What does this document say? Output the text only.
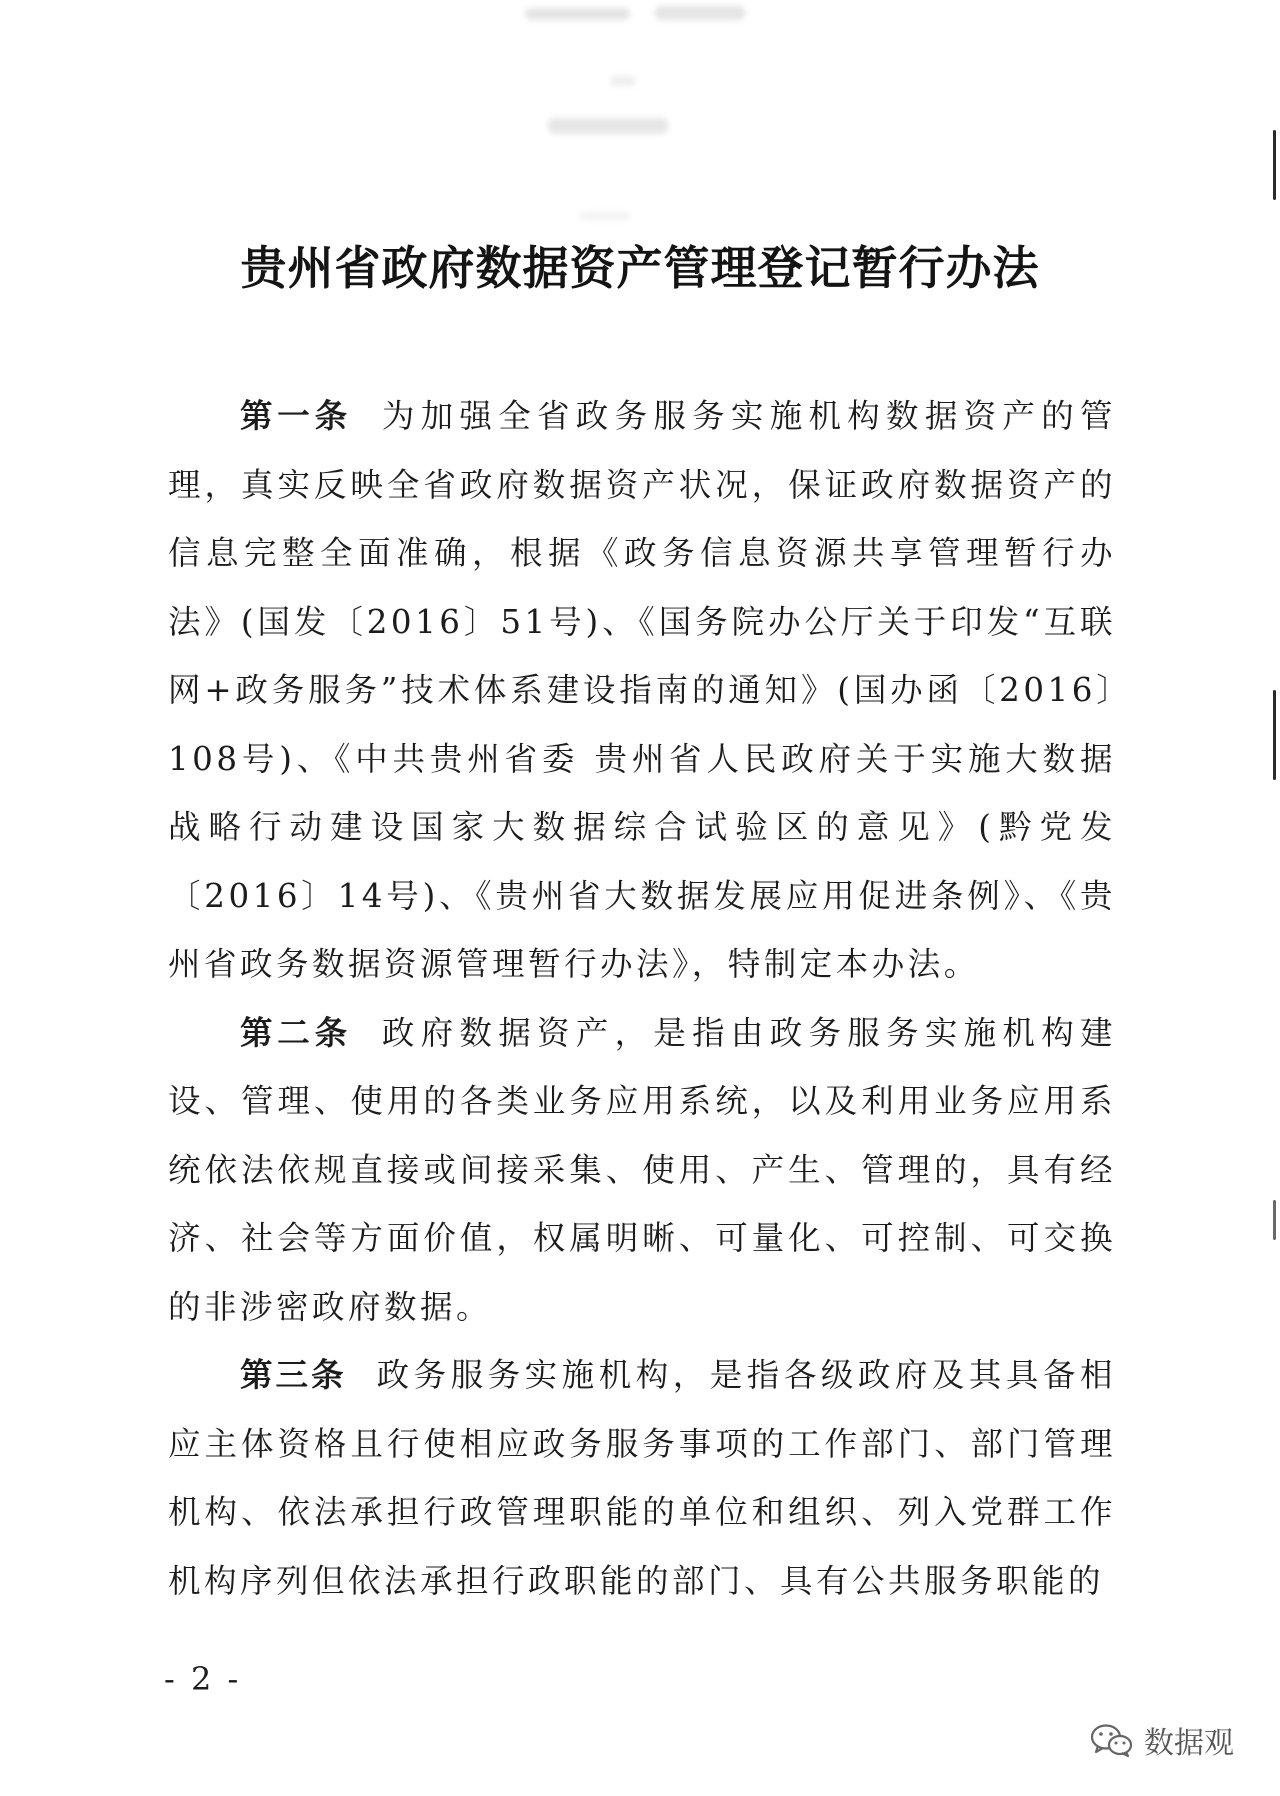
贵州省政府数据资产管理登记暂行办法

第一条 为加强全省政务服务实施机构数据资产的管理，真实反映全省政府数据资产状况，保证政府数据资产的信息完整全面准确，根据《政务信息资源共享管理暂行办法》(国发〔2016〕51号)、《国务院办公厅关于印发“互联网+政务服务”技术体系建设指南的通知》(国办函〔2016〕108号)、《中共贵州省委 贵州省人民政府关于实施大数据战略行动建设国家大数据综合试验区的意见》(黔党发〔2016〕14号)、《贵州省大数据发展应用促进条例》、《贵州省政务数据资源管理暂行办法》，特制定本办法。

第二条 政府数据资产，是指由政务服务实施机构建设、管理、使用的各类业务应用系统，以及利用业务应用系统依法依规直接或间接采集、使用、产生、管理的，具有经济、社会等方面价值，权属明晰、可量化、可控制、可交换的非涉密政府数据。

第三条 政务服务实施机构，是指各级政府及其具备相应主体资格且行使相应政务服务事项的工作部门、部门管理机构、依法承担行政管理职能的单位和组织、列入党群工作机构序列但依法承担行政职能的部门、具有公共服务职能的

- 2 -
数据观
